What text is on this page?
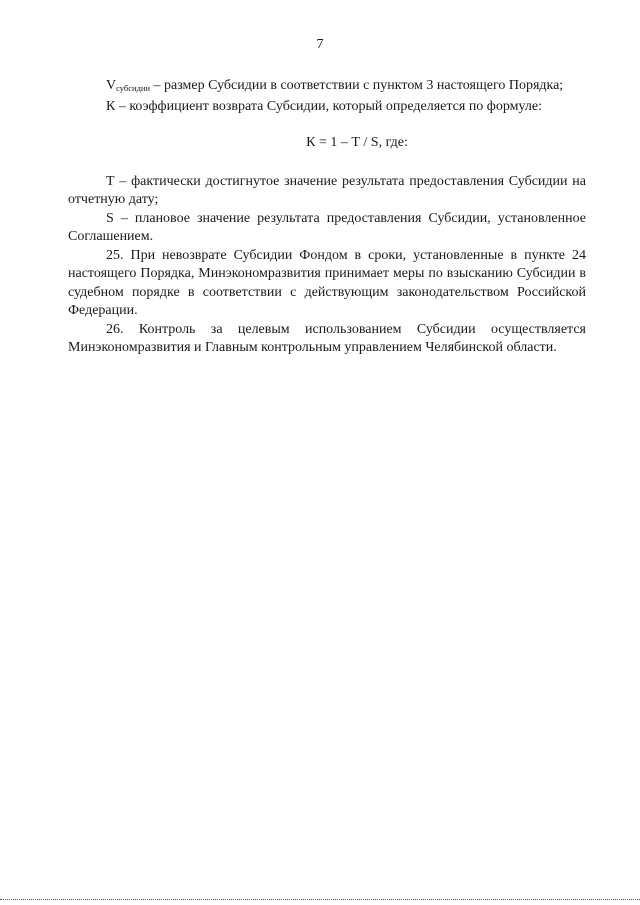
7

$V_{субсидии}$ – размер Субсидии в соответствии с пунктом 3 настоящего Порядка;

К – коэффициент возврата Субсидии, который определяется по формуле:

К = 1 – Т / S, где:

Т – фактически достигнутое значение результата предоставления Субсидии на отчетную дату;

S – плановое значение результата предоставления Субсидии, установленное Соглашением.

25. При невозврате Субсидии Фондом в сроки, установленные в пункте 24 настоящего Порядка, Минэкономразвития принимает меры по взысканию Субсидии в судебном порядке в соответствии с действующим законодательством Российской Федерации.

26. Контроль за целевым использованием Субсидии осуществляется Минэкономразвития и Главным контрольным управлением Челябинской области.
